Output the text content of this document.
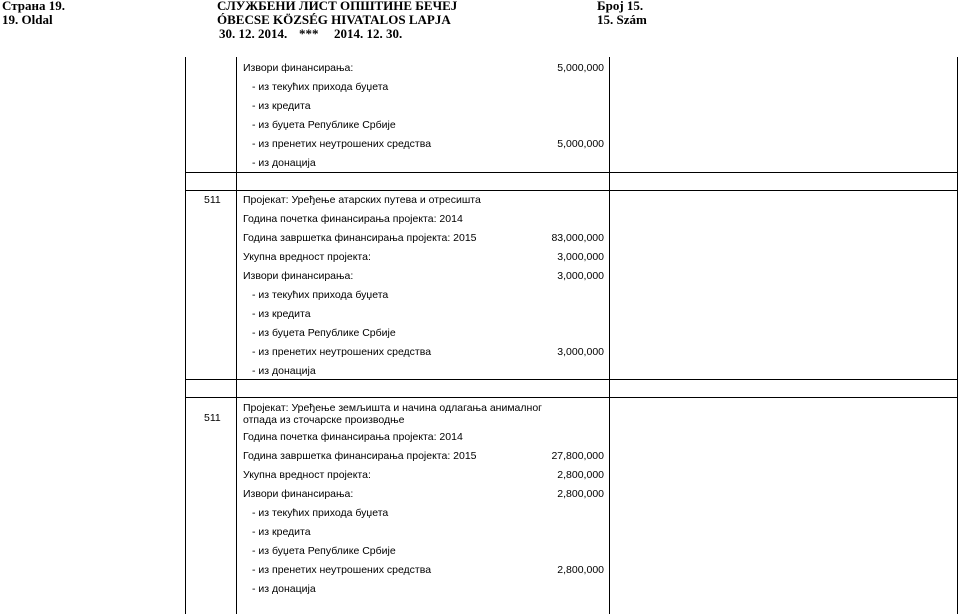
Страна 19.	СЛУЖБЕНИ ЛИСТ ОПШТИНЕ БЕЧЕЈ	Број 15.
19. Oldal	ÓBECSE KÖZSÉG HIVATALOS LAPJA	15. Szám
30. 12. 2014. *** 2014. 12. 30.
Извори финансирања:	5,000,000
- из текућих прихода буџета
- из кредита
- из буџета Републике Србије
- из пренетих неутрошених средства	5,000,000
- из донација
511 Пројекат: Уређење атарских путева и отресишта
Година почетка финансирања пројекта: 2014
Година завршетка финансирања пројекта: 2015	83,000,000
Укупна вредност пројекта:	3,000,000
Извори финансирања:	3,000,000
- из текућих прихода буџета
- из кредита
- из буџета Републике Србије
- из пренетих неутрошених средства	3,000,000
- из донација
511
Пројекат: Уређење земљишта и начина одлагања анималног
отпада из сточарске производње
Година почетка финансирања пројекта: 2014
Година завршетка финансирања пројекта: 2015	27,800,000
Укупна вредност пројекта:	2,800,000
Извори финансирања:	2,800,000
- из текућих прихода буџета
- из кредита
- из буџета Републике Србије
- из пренетих неутрошених средства	2,800,000
- из донација
